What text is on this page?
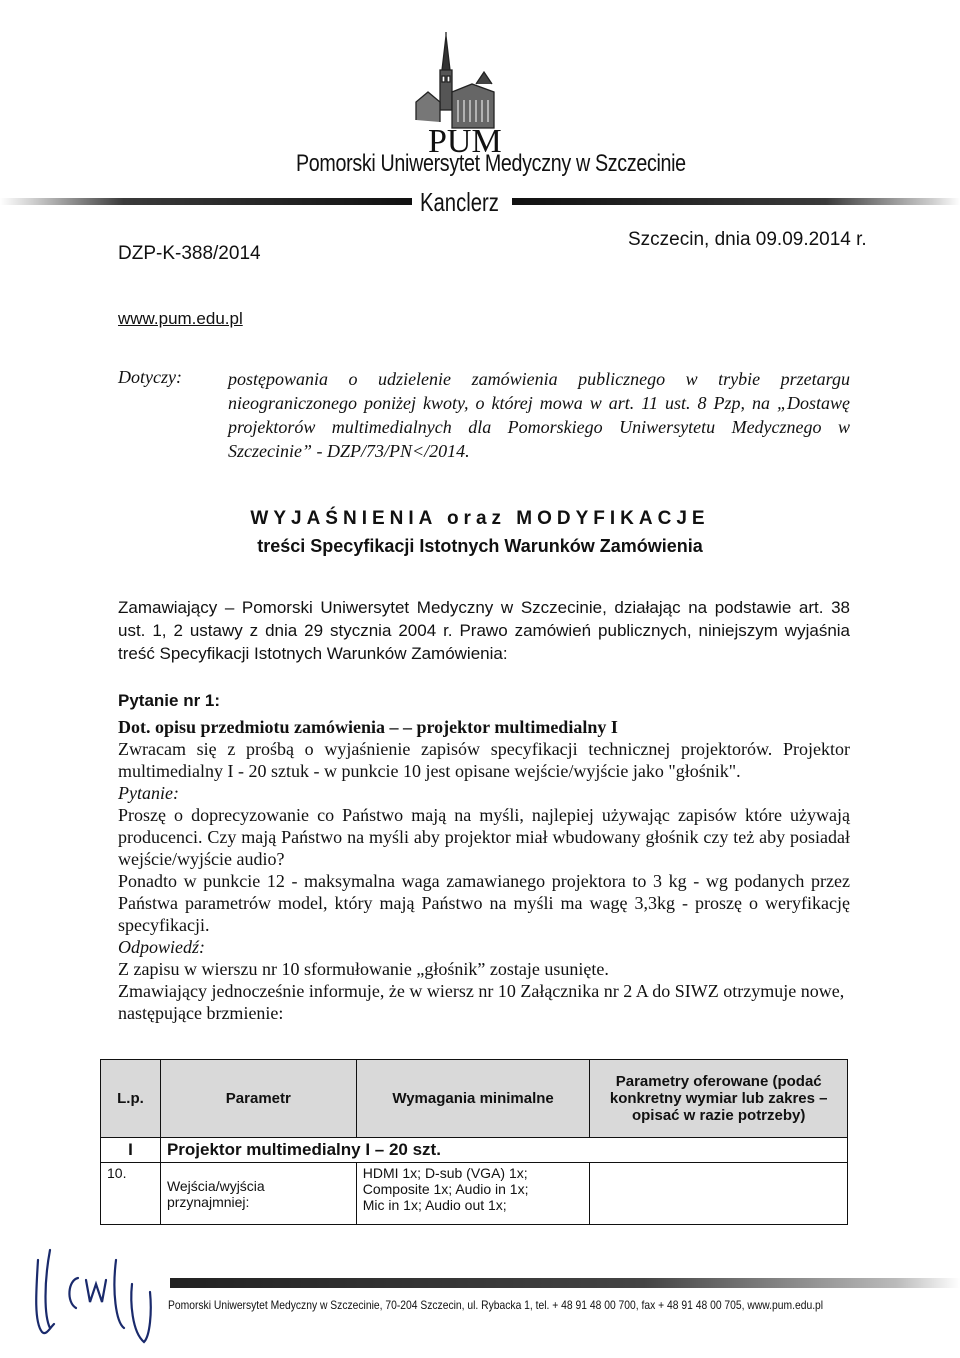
PUM
Pomorski Uniwersytet Medyczny w Szczecinie
Kanclerz
Szczecin, dnia 09.09.2014 r.
DZP-K-388/2014
www.pum.edu.pl
Dotyczy:	postępowania o udzielenie zamówienia publicznego w trybie przetargu nieograniczonego poniżej kwoty, o której mowa w art. 11 ust. 8 Pzp, na „Dostawę projektorów multimedialnych dla Pomorskiego Uniwersytetu Medycznego w Szczecinie” - DZP/73/PN</2014.
WYJAŚNIENIA oraz MODYFIKACJE
treści Specyfikacji Istotnych Warunków Zamówienia
Zamawiający – Pomorski Uniwersytet Medyczny w Szczecinie, działając na podstawie art. 38 ust. 1, 2 ustawy z dnia 29 stycznia 2004 r. Prawo zamówień publicznych, niniejszym wyjaśnia treść Specyfikacji Istotnych Warunków Zamówienia:

Pytanie nr 1:

Dot. opisu przedmiotu zamówienia – – projektor multimedialny I

Zwracam się z prośbą o wyjaśnienie zapisów specyfikacji technicznej projektorów. Projektor multimedialny I - 20 sztuk - w punkcie 10 jest opisane wejście/wyjście jako "głośnik".

Pytanie:

Proszę o doprecyzowanie co Państwo mają na myśli, najlepiej używając zapisów które używają producenci. Czy mają Państwo na myśli aby projektor miał wbudowany głośnik czy też aby posiadał wejście/wyjście audio?

Ponadto w punkcie 12 - maksymalna waga zamawianego projektora to 3 kg - wg podanych przez Państwa parametrów model, który mają Państwo na myśli ma wagę 3,3kg - proszę o weryfikację specyfikacji.

Odpowiedź:

Z zapisu w wierszu nr 10 sformułowanie „głośnik” zostaje usunięte.

Zmawiający jednocześnie informuje, że w wiersz nr 10 Załącznika nr 2 A do SIWZ otrzymuje nowe, następujące brzmienie:

L.p.	Parametr	Wymagania minimalne	Parametry oferowane (podać konkretny wymiar lub zakres – opisać w razie potrzeby)
I	Projektor multimedialny I – 20 szt.		
10.	Wejścia/wyjścia przynajmniej:	HDMI 1x; D-sub (VGA) 1x;
Composite 1x; Audio in 1x;
Mic in 1x; Audio out 1x;	

Pomorski Uniwersytet Medyczny w Szczecinie, 70-204 Szczecin, ul. Rybacka 1, tel. + 48 91 48 00 700, fax + 48 91 48 00 705, www.pum.edu.pl
